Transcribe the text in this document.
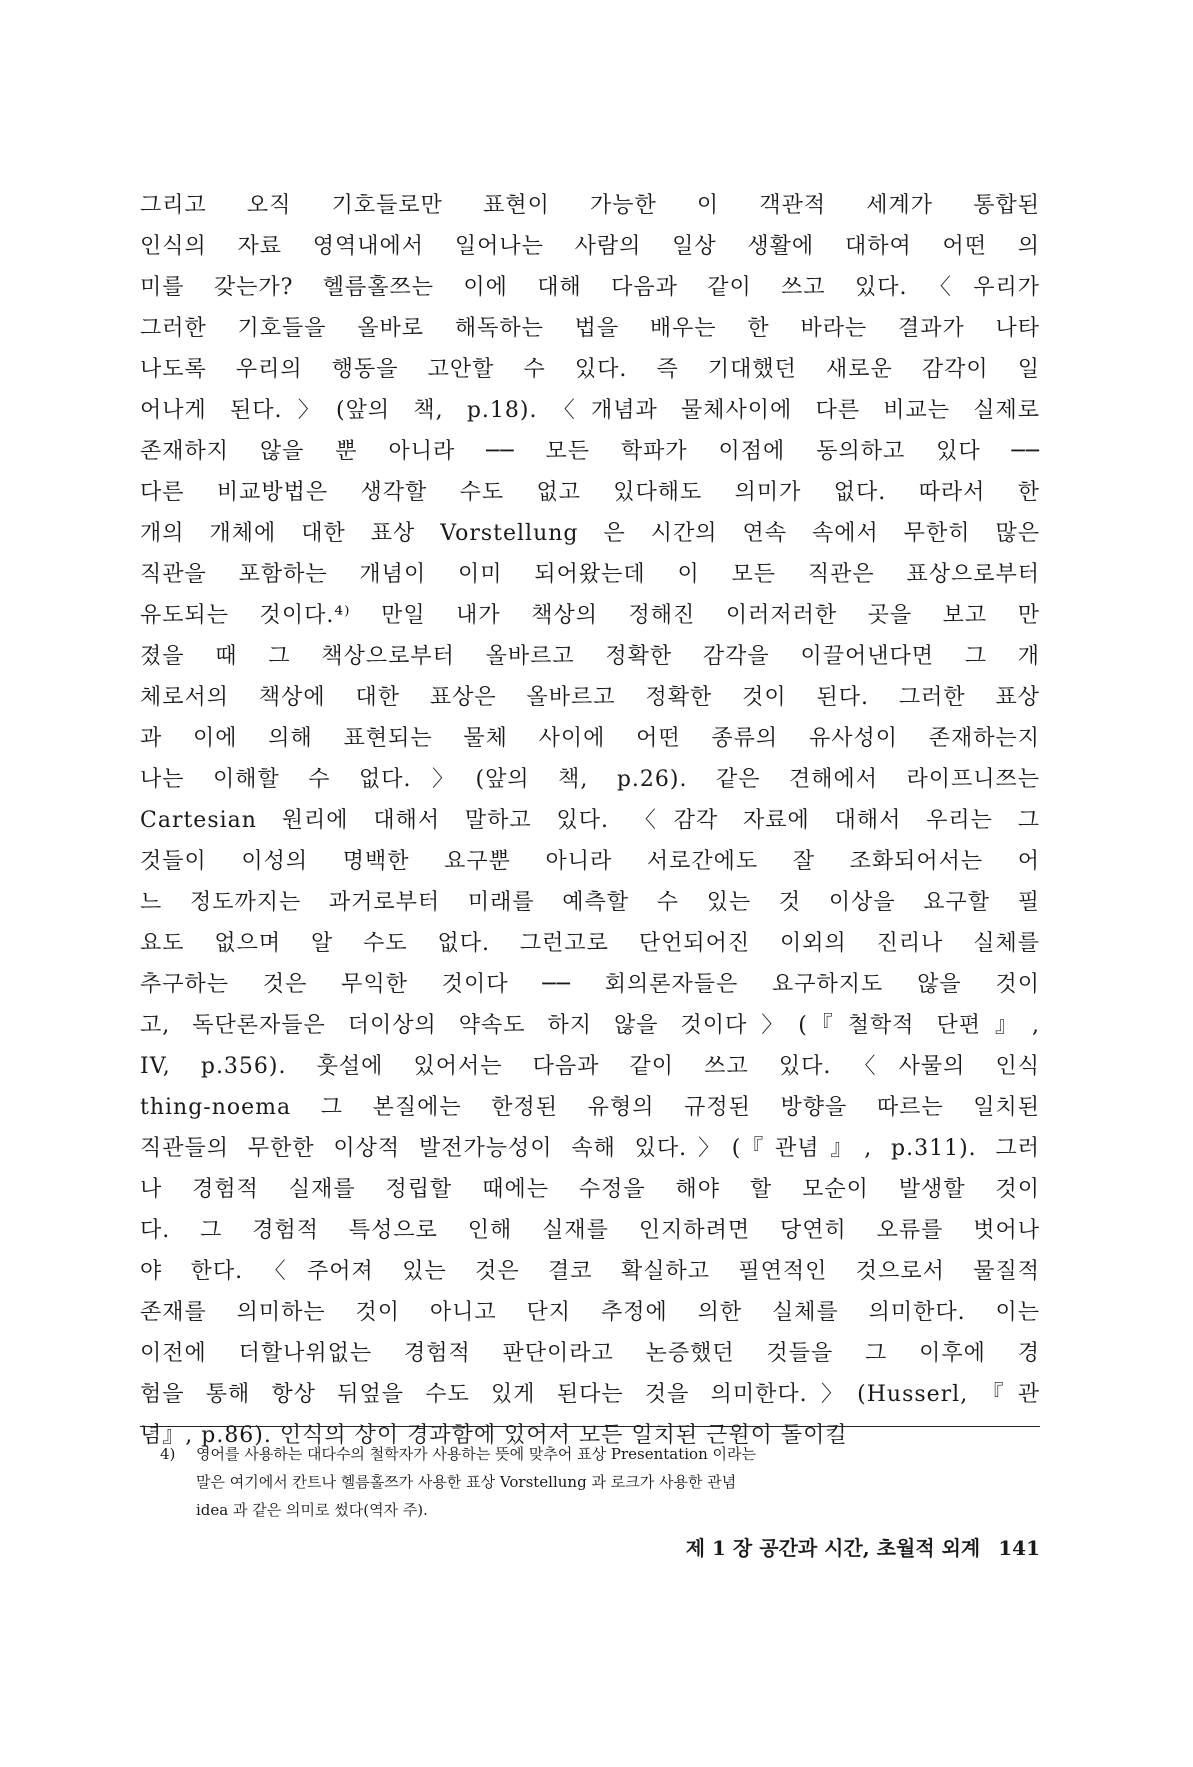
그리고 오직 기호들로만 표현이 가능한 이 객관적 세계가 통합된
인식의 자료 영역내에서 일어나는 사람의 일상 생활에 대하여 어떤 의
미를 갖는가? 헬름홀쯔는 이에 대해 다음과 같이 쓰고 있다.〈우리가
그러한 기호들을 올바로 해독하는 법을 배우는 한 바라는 결과가 나타
나도록 우리의 행동을 고안할 수 있다. 즉 기대했던 새로운 감각이 일
어나게 된다.〉(앞의 책, p.18).〈개념과 물체사이에 다른 비교는 실제로
존재하지 않을 뿐 아니라 ── 모든 학파가 이점에 동의하고 있다 ──
다른 비교방법은 생각할 수도 없고 있다해도 의미가 없다. 따라서 한
개의 개체에 대한 표상 Vorstellung 은 시간의 연속 속에서 무한히 많은
직관을 포함하는 개념이 이미 되어왔는데 이 모든 직관은 표상으로부터
유도되는 것이다.⁴⁾ 만일 내가 책상의 정해진 이러저러한 곳을 보고 만
졌을 때 그 책상으로부터 올바르고 정확한 감각을 이끌어낸다면 그 개
체로서의 책상에 대한 표상은 올바르고 정확한 것이 된다. 그러한 표상
과 이에 의해 표현되는 물체 사이에 어떤 종류의 유사성이 존재하는지
나는 이해할 수 없다.〉(앞의 책, p.26). 같은 견해에서 라이프니쯔는
Cartesian 원리에 대해서 말하고 있다. 〈감각 자료에 대해서 우리는 그
것들이 이성의 명백한 요구뿐 아니라 서로간에도 잘 조화되어서는 어
느 정도까지는 과거로부터 미래를 예측할 수 있는 것 이상을 요구할 필
요도 없으며 알 수도 없다. 그런고로 단언되어진 이외의 진리나 실체를
추구하는 것은 무익한 것이다 ── 회의론자들은 요구하지도 않을 것이
고, 독단론자들은 더이상의 약속도 하지 않을 것이다〉(『철학적 단편』,
IV, p.356). 훗설에 있어서는 다음과 같이 쓰고 있다.〈사물의 인식
thing-noema 그 본질에는 한정된 유형의 규정된 방향을 따르는 일치된
직관들의 무한한 이상적 발전가능성이 속해 있다.〉(『관념』, p.311). 그러
나 경험적 실재를 정립할 때에는 수정을 해야 할 모순이 발생할 것이
다. 그 경험적 특성으로 인해 실재를 인지하려면 당연히 오류를 벗어나
야 한다.〈주어져 있는 것은 결코 확실하고 필연적인 것으로서 물질적
존재를 의미하는 것이 아니고 단지 추정에 의한 실체를 의미한다. 이는
이전에 더할나위없는 경험적 판단이라고 논증했던 것들을 그 이후에 경
험을 통해 항상 뒤엎을 수도 있게 된다는 것을 의미한다.〉(Husserl,『관
념』, p.86). 인식의 상이 경과함에 있어서 모든 일치된 근원이 돌이킬
4) 영어를 사용하는 대다수의 철학자가 사용하는 뜻에 맞추어 표상 Presentation 이라는
말은 여기에서 칸트나 헬름홀쯔가 사용한 표상 Vorstellung 과 로크가 사용한 관념
idea 과 같은 의미로 썼다(역자 주).
제 1 장 공간과 시간, 초월적 외계 141
